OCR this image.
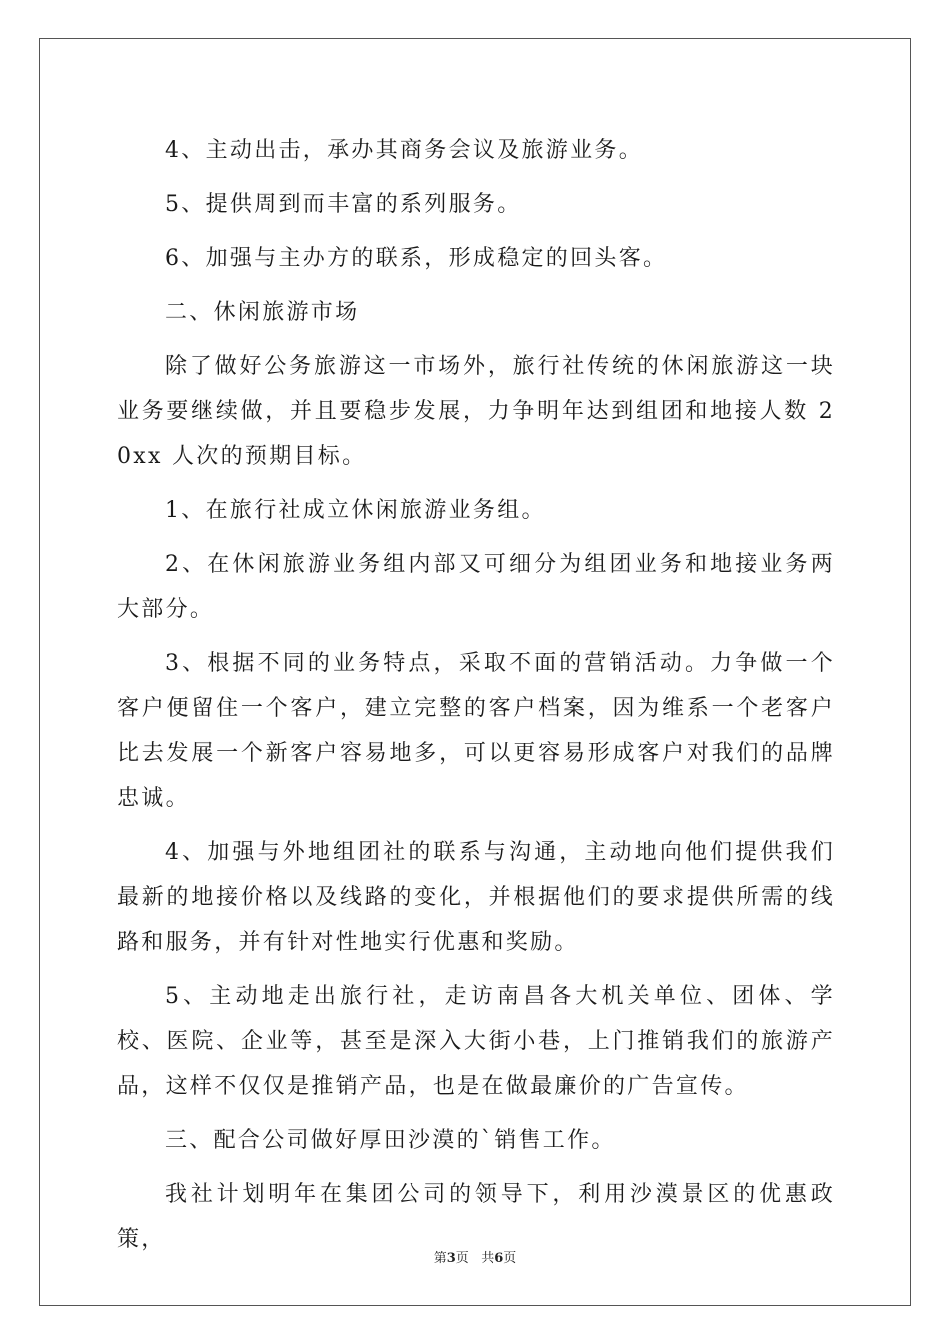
4、主动出击，承办其商务会议及旅游业务。

5、提供周到而丰富的系列服务。

6、加强与主办方的联系，形成稳定的回头客。

二、休闲旅游市场

除了做好公务旅游这一市场外，旅行社传统的休闲旅游这一块业务要继续做，并且要稳步发展，力争明年达到组团和地接人数 20xx 人次的预期目标。

1、在旅行社成立休闲旅游业务组。

2、在休闲旅游业务组内部又可细分为组团业务和地接业务两大部分。

3、根据不同的业务特点，采取不面的营销活动。力争做一个客户便留住一个客户，建立完整的客户档案，因为维系一个老客户比去发展一个新客户容易地多，可以更容易形成客户对我们的品牌忠诚。

4、加强与外地组团社的联系与沟通，主动地向他们提供我们最新的地接价格以及线路的变化，并根据他们的要求提供所需的线路和服务，并有针对性地实行优惠和奖励。

5、主动地走出旅行社，走访南昌各大机关单位、团体、学校、医院、企业等，甚至是深入大街小巷，上门推销我们的旅游产品，这样不仅仅是推销产品，也是在做最廉价的广告宣传。

三、配合公司做好厚田沙漠的`销售工作。

我社计划明年在集团公司的领导下，利用沙漠景区的优惠政策，

第3页 共6页
